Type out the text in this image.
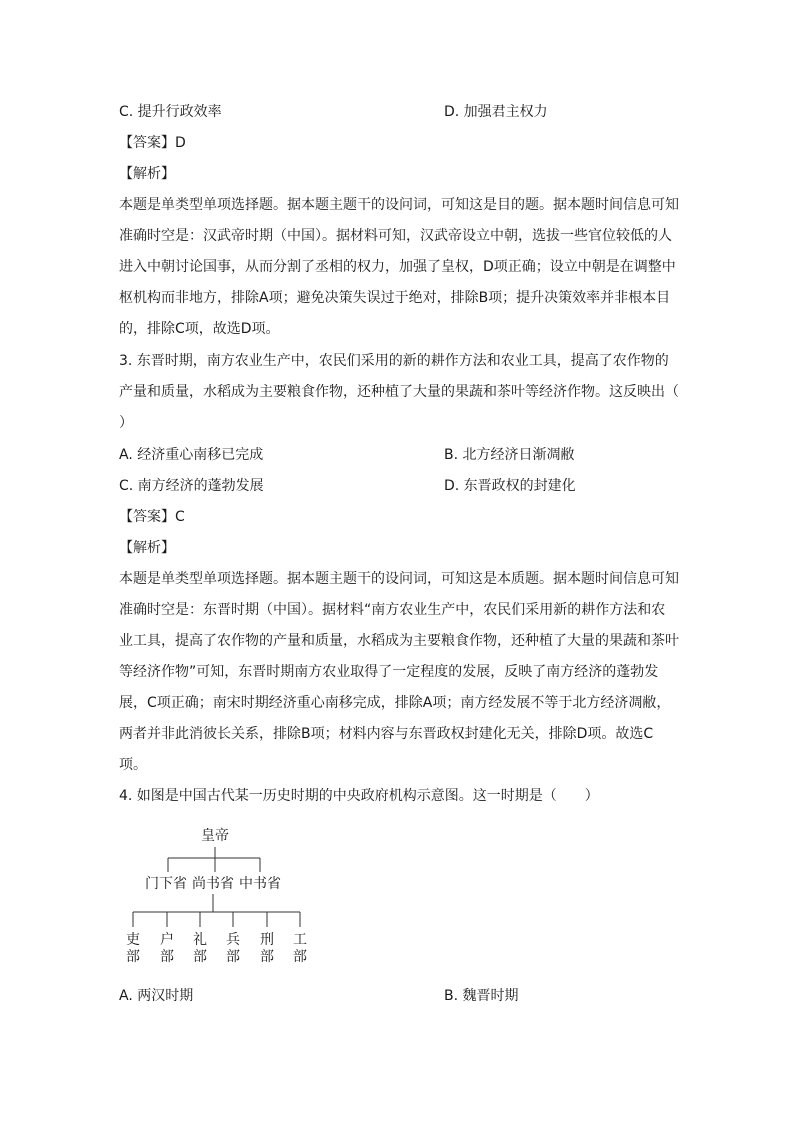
C. 提升行政效率	D. 加强君主权力
【答案】D
【解析】
本题是单类型单项选择题。据本题主题干的设问词，可知这是目的题。据本题时间信息可知准确时空是：汉武帝时期（中国）。据材料可知，汉武帝设立中朝，选拔一些官位较低的人进入中朝讨论国事，从而分割了丞相的权力，加强了皇权，D项正确；设立中朝是在调整中枢机构而非地方，排除A项；避免决策失误过于绝对，排除B项；提升决策效率并非根本目的，排除C项，故选D项。
3. 东晋时期，南方农业生产中，农民们采用的新的耕作方法和农业工具，提高了农作物的产量和质量，水稻成为主要粮食作物，还种植了大量的果蔬和茶叶等经济作物。这反映出（　　）
A. 经济重心南移已完成	B. 北方经济日渐凋敝
C. 南方经济的蓬勃发展	D. 东晋政权的封建化
【答案】C
【解析】
本题是单类型单项选择题。据本题主题干的设问词，可知这是本质题。据本题时间信息可知准确时空是：东晋时期（中国）。据材料“南方农业生产中，农民们采用新的耕作方法和农业工具，提高了农作物的产量和质量，水稻成为主要粮食作物，还种植了大量的果蔬和茶叶等经济作物”可知，东晋时期南方农业取得了一定程度的发展，反映了南方经济的蓬勃发展，C项正确；南宋时期经济重心南移完成，排除A项；南方经发展不等于北方经济凋敝，两者并非此消彼长关系，排除B项；材料内容与东晋政权封建化无关，排除D项。故选C项。
4. 如图是中国古代某一历史时期的中央政府机构示意图。这一时期是（　　）
皇帝
门下省 尚书省 中书省
吏
部
户
部
礼
部
兵
部
刑
部
工
部
A. 两汉时期	B. 魏晋时期
